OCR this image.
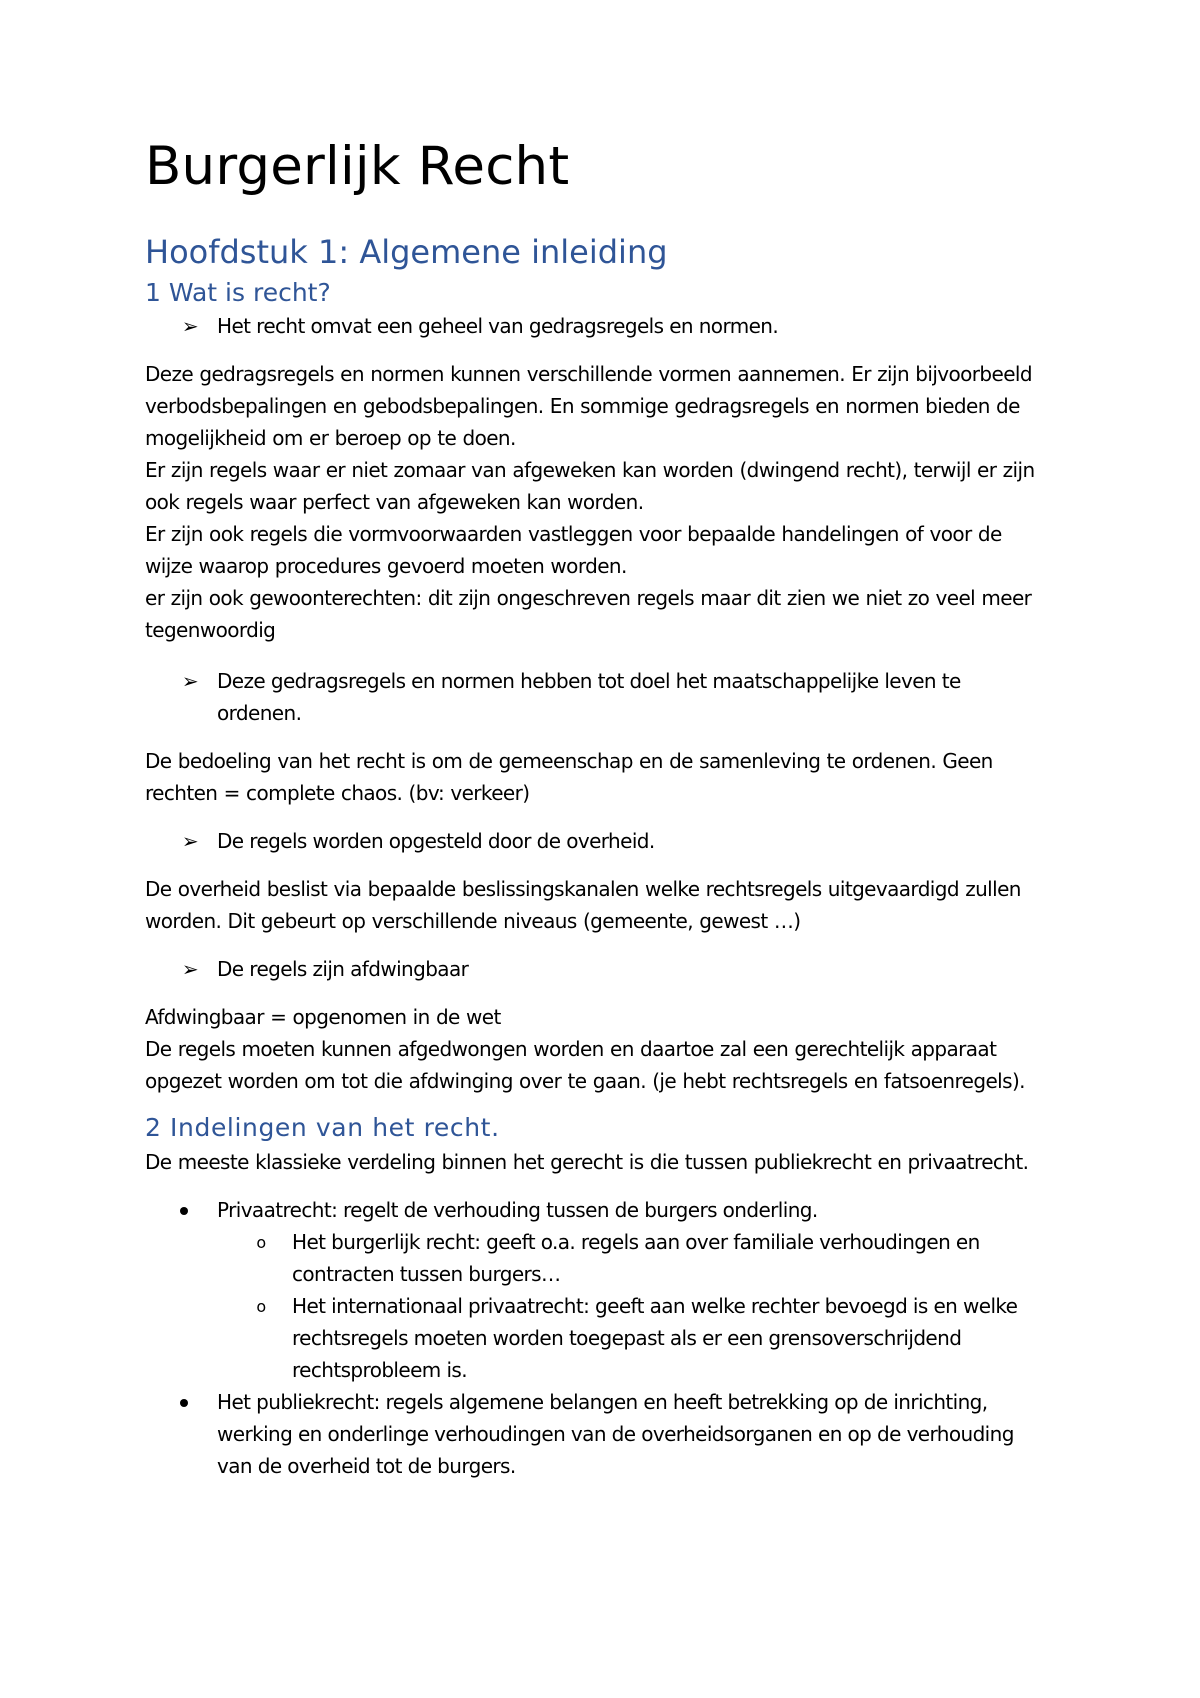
Burgerlijk Recht
Hoofdstuk 1: Algemene inleiding
1 Wat is recht?
➢ Het recht omvat een geheel van gedragsregels en normen.
Deze gedragsregels en normen kunnen verschillende vormen aannemen. Er zijn bijvoorbeeld
verbodsbepalingen en gebodsbepalingen. En sommige gedragsregels en normen bieden de
mogelijkheid om er beroep op te doen.
Er zijn regels waar er niet zomaar van afgeweken kan worden (dwingend recht), terwijl er zijn
ook regels waar perfect van afgeweken kan worden.
Er zijn ook regels die vormvoorwaarden vastleggen voor bepaalde handelingen of voor de
wijze waarop procedures gevoerd moeten worden.
er zijn ook gewoonterechten: dit zijn ongeschreven regels maar dit zien we niet zo veel meer
tegenwoordig
➢ Deze gedragsregels en normen hebben tot doel het maatschappelijke leven te
ordenen.
De bedoeling van het recht is om de gemeenschap en de samenleving te ordenen. Geen
rechten = complete chaos. (bv: verkeer)
➢ De regels worden opgesteld door de overheid.
De overheid beslist via bepaalde beslissingskanalen welke rechtsregels uitgevaardigd zullen
worden. Dit gebeurt op verschillende niveaus (gemeente, gewest …)
➢ De regels zijn afdwingbaar
Afdwingbaar = opgenomen in de wet
De regels moeten kunnen afgedwongen worden en daartoe zal een gerechtelijk apparaat
opgezet worden om tot die afdwinging over te gaan. (je hebt rechtsregels en fatsoenregels).
2 Indelingen van het recht.
De meeste klassieke verdeling binnen het gerecht is die tussen publiekrecht en privaatrecht.
Privaatrecht: regelt de verhouding tussen de burgers onderling.
o Het burgerlijk recht: geeft o.a. regels aan over familiale verhoudingen en
contracten tussen burgers…
o Het internationaal privaatrecht: geeft aan welke rechter bevoegd is en welke
rechtsregels moeten worden toegepast als er een grensoverschrijdend
rechtsprobleem is.
Het publiekrecht: regels algemene belangen en heeft betrekking op de inrichting,
werking en onderlinge verhoudingen van de overheidsorganen en op de verhouding
van de overheid tot de burgers.
